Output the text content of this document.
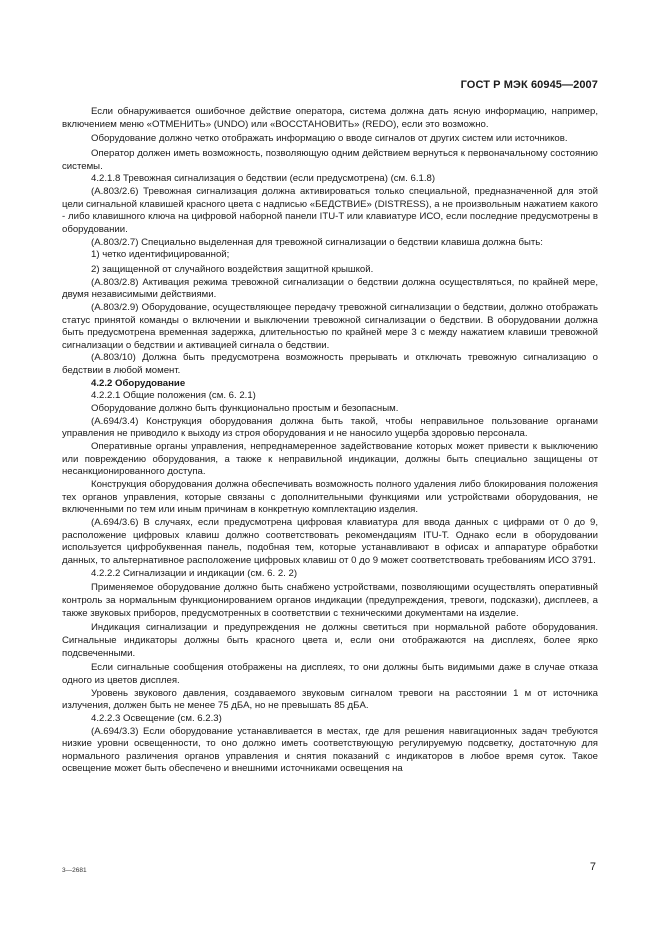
ГОСТ Р МЭК 60945—2007

Если обнаруживается ошибочное действие оператора, система должна дать ясную информацию, например, включением меню «ОТМЕНИТЬ» (UNDO) или «ВОССТАНОВИТЬ» (REDO), если это возможно.

Оборудование должно четко отображать информацию о вводе сигналов от других систем или источников.

Оператор должен иметь возможность, позволяющую одним действием вернуться к первоначальному состоянию системы.

4.2.1.8 Тревожная сигнализация о бедствии (если предусмотрена) (см. 6.1.8)

(A.803/2.6) Тревожная сигнализация должна активироваться только специальной, предназначенной для этой цели сигнальной клавишей красного цвета с надписью «БЕДСТВИЕ» (DISTRESS), а не произвольным нажатием какого - либо клавишного ключа на цифровой наборной панели ITU-T или клавиатуре ИСО, если последние предусмотрены в оборудовании.

(A.803/2.7) Специально выделенная для тревожной сигнализации о бедствии клавиша должна быть:

1) четко идентифицированной;

2) защищенной от случайного воздействия защитной крышкой.

(A.803/2.8) Активация режима тревожной сигнализации о бедствии должна осуществляться, по крайней мере, двумя независимыми действиями.

(A.803/2.9) Оборудование, осуществляющее передачу тревожной сигнализации о бедствии, должно отображать статус принятой команды о включении и выключении тревожной сигнализации о бедствии. В оборудовании должна быть предусмотрена временная задержка, длительностью по крайней мере 3 с между нажатием клавиши тревожной сигнализации о бедствии и активацией сигнала о бедствии.

(A.803/10) Должна быть предусмотрена возможность прерывать и отключать тревожную сигнализацию о бедствии в любой момент.

4.2.2 Оборудование

4.2.2.1 Общие положения (см. 6. 2.1)

Оборудование должно быть функционально простым и безопасным.

(A.694/3.4) Конструкция оборудования должна быть такой, чтобы неправильное пользование органами управления не приводило к выходу из строя оборудования и не наносило ущерба здоровью персонала.

Оперативные органы управления, непреднамеренное задействование которых может привести к выключению или повреждению оборудования, а также к неправильной индикации, должны быть специально защищены от несанкционированного доступа.

Конструкция оборудования должна обеспечивать возможность полного удаления либо блокирования положения тех органов управления, которые связаны с дополнительными функциями или устройствами оборудования, не включенными по тем или иным причинам в конкретную комплектацию изделия.

(A.694/3.6) В случаях, если предусмотрена цифровая клавиатура для ввода данных с цифрами от 0 до 9, расположение цифровых клавиш должно соответствовать рекомендациям ITU-T. Однако если в оборудовании используется цифробуквенная панель, подобная тем, которые устанавливают в офисах и аппаратуре обработки данных, то альтернативное расположение цифровых клавиш от 0 до 9 может соответствовать требованиям ИСО 3791.

4.2.2.2 Сигнализации и индикации (см. 6. 2. 2)

Применяемое оборудование должно быть снабжено устройствами, позволяющими осуществлять оперативный контроль за нормальным функционированием органов индикации (предупреждения, тревоги, подсказки), дисплеев, а также звуковых приборов, предусмотренных в соответствии с техническими документами на изделие.

Индикация сигнализации и предупреждения не должны светиться при нормальной работе оборудования. Сигнальные индикаторы должны быть красного цвета и, если они отображаются на дисплеях, более ярко подсвеченными.

Если сигнальные сообщения отображены на дисплеях, то они должны быть видимыми даже в случае отказа одного из цветов дисплея.

Уровень звукового давления, создаваемого звуковым сигналом тревоги на расстоянии 1 м от источника излучения, должен быть не менее 75 дБA, но не превышать 85 дБA.

4.2.2.3 Освещение (см. 6.2.3)

(A.694/3.3) Если оборудование устанавливается в местах, где для решения навигационных задач требуются низкие уровни освещенности, то оно должно иметь соответствующую регулируемую подсветку, достаточную для нормального различения органов управления и снятия показаний с индикаторов в любое время суток. Такое освещение может быть обеспечено и внешними источниками освещения на

3—2681	7
